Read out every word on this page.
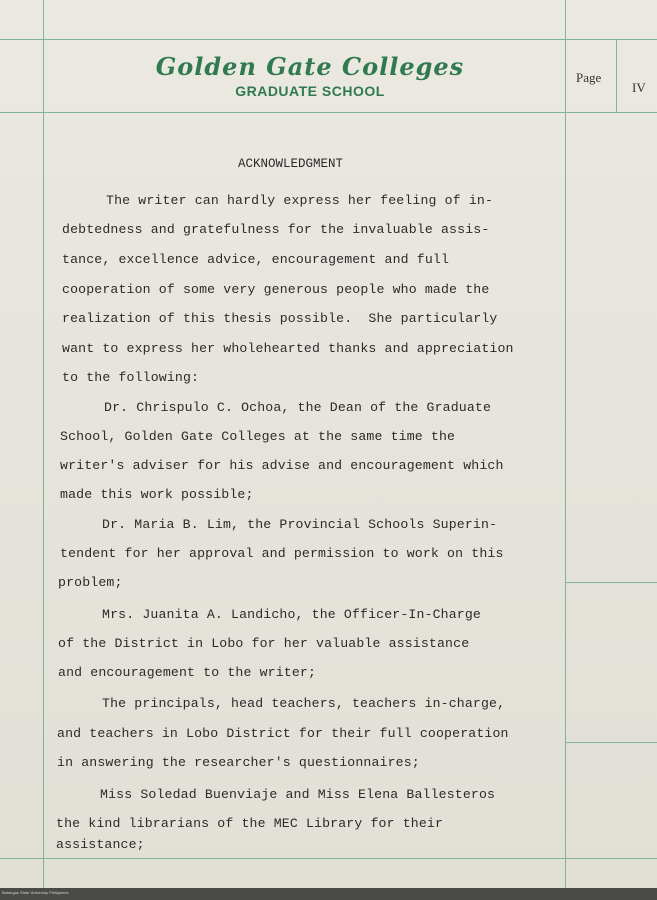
Golden Gate Colleges
GRADUATE SCHOOL
Page
IV
ACKNOWLEDGMENT
The writer can hardly express her feeling of in-
debtedness and gratefulness for the invaluable assis-
tance, excellence advice, encouragement and full
cooperation of some very generous people who made the
realization of this thesis possible.  She particularly
want to express her wholehearted thanks and appreciation
to the following:
Dr. Chrispulo C. Ochoa, the Dean of the Graduate
School, Golden Gate Colleges at the same time the
writer's adviser for his advise and encouragement which
made this work possible;
Dr. Maria B. Lim, the Provincial Schools Superin-
tendent for her approval and permission to work on this
problem;
Mrs. Juanita A. Landicho, the Officer-In-Charge
of the District in Lobo for her valuable assistance
and encouragement to the writer;
The principals, head teachers, teachers in-charge,
and teachers in Lobo District for their full cooperation
in answering the researcher's questionnaires;
Miss Soledad Buenviaje and Miss Elena Ballesteros
the kind librarians of the MEC Library for their
assistance;
Batangas State University Philippines
